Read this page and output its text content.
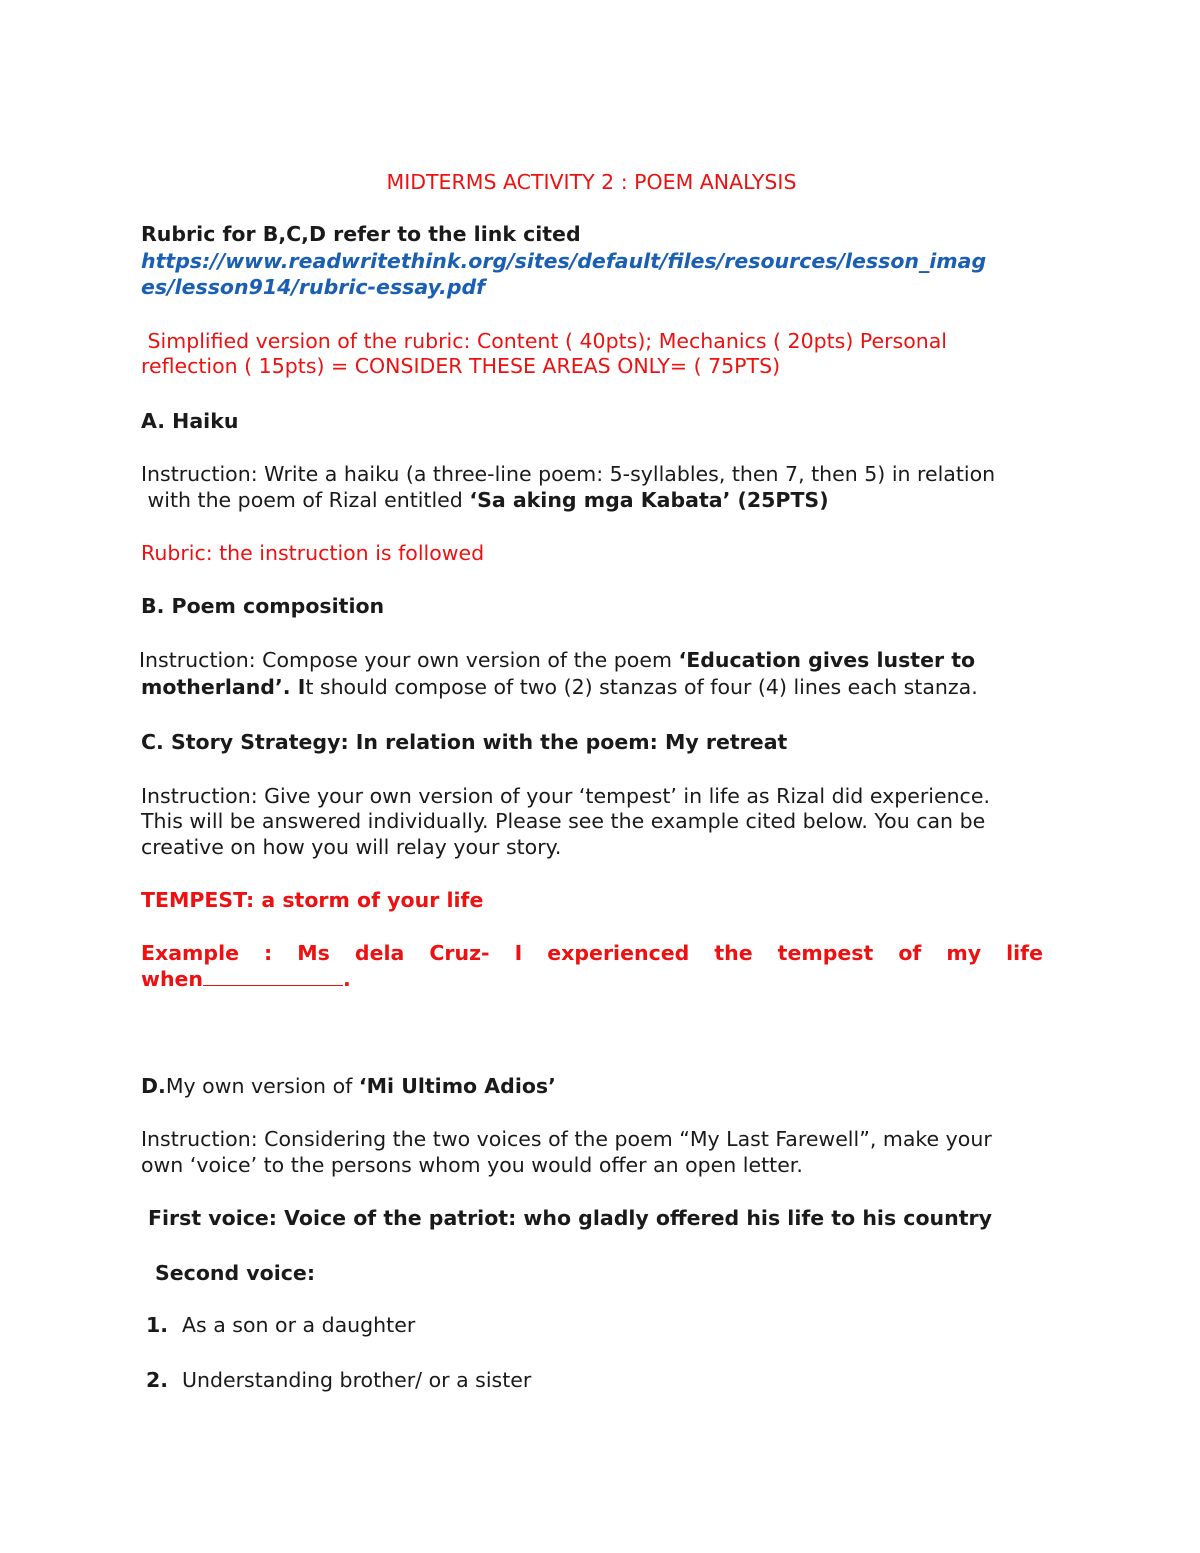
MIDTERMS ACTIVITY 2 : POEM ANALYSIS

Rubric for B,C,D refer to the link cited

https://www.readwritethink.org/sites/default/files/resources/lesson_imag

es/lesson914/rubric-essay.pdf

Simplified version of the rubric: Content ( 40pts); Mechanics ( 20pts) Personal

reflection ( 15pts) = CONSIDER THESE AREAS ONLY= ( 75PTS)

A. Haiku

Instruction: Write a haiku (a three-line poem: 5-syllables, then 7, then 5) in relation

with the poem of Rizal entitled ‘Sa aking mga Kabata’ (25PTS)

Rubric: the instruction is followed

B. Poem composition

Instruction: Compose your own version of the poem ‘Education gives luster to

motherland’. It should compose of two (2) stanzas of four (4) lines each stanza.

C. Story Strategy: In relation with the poem: My retreat

Instruction: Give your own version of your ‘tempest’ in life as Rizal did experience.

This will be answered individually. Please see the example cited below. You can be

creative on how you will relay your story.

TEMPEST: a storm of your life

Example : Ms dela Cruz- I experienced the tempest of my life

when	.

D.My own version of ‘Mi Ultimo Adios’

Instruction: Considering the two voices of the poem “My Last Farewell”, make your

own ‘voice’ to the persons whom you would offer an open letter.

First voice: Voice of the patriot: who gladly offered his life to his country

Second voice:

1. As a son or a daughter

2. Understanding brother/ or a sister
